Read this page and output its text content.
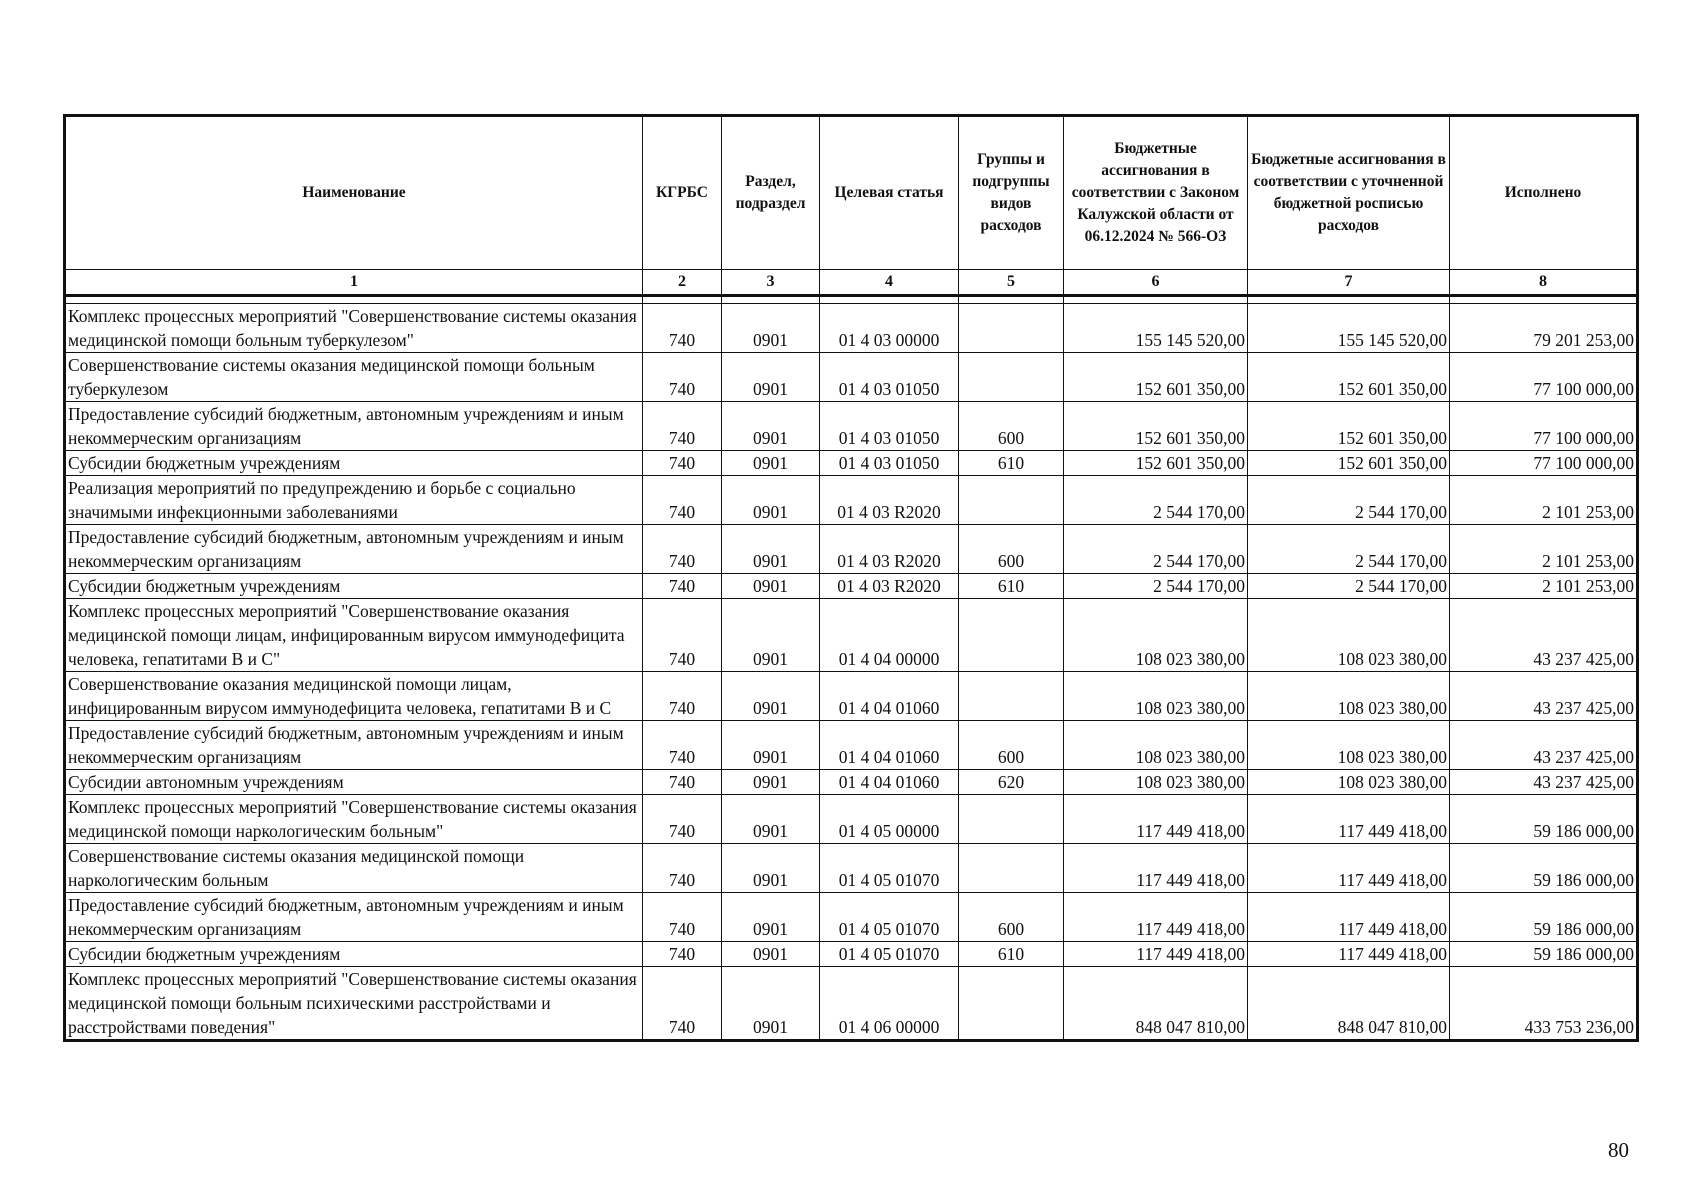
Наименование	КГРБС	Раздел, подраздел	Целевая статья	Группы и подгруппы видов расходов	Бюджетные ассигнования в соответствии с Законом Калужской области от 06.12.2024 № 566-ОЗ	Бюджетные ассигнования в соответствии с уточненной бюджетной росписью расходов	Исполнено
1	2	3	4	5	6	7	8

Комплекс процессных мероприятий "Совершенствование системы оказания медицинской помощи больным туберкулезом"	740	0901	01 4 03 00000		155 145 520,00	155 145 520,00	79 201 253,00
Совершенствование системы оказания медицинской помощи больным туберкулезом	740	0901	01 4 03 01050		152 601 350,00	152 601 350,00	77 100 000,00
Предоставление субсидий бюджетным, автономным учреждениям и иным некоммерческим организациям	740	0901	01 4 03 01050	600	152 601 350,00	152 601 350,00	77 100 000,00
Субсидии бюджетным учреждениям	740	0901	01 4 03 01050	610	152 601 350,00	152 601 350,00	77 100 000,00
Реализация мероприятий по предупреждению и борьбе с социально значимыми инфекционными заболеваниями	740	0901	01 4 03 R2020		2 544 170,00	2 544 170,00	2 101 253,00
Предоставление субсидий бюджетным, автономным учреждениям и иным некоммерческим организациям	740	0901	01 4 03 R2020	600	2 544 170,00	2 544 170,00	2 101 253,00
Субсидии бюджетным учреждениям	740	0901	01 4 03 R2020	610	2 544 170,00	2 544 170,00	2 101 253,00
Комплекс процессных мероприятий "Совершенствование оказания медицинской помощи лицам, инфицированным вирусом иммунодефицита человека, гепатитами В и С"	740	0901	01 4 04 00000		108 023 380,00	108 023 380,00	43 237 425,00
Совершенствование оказания медицинской помощи лицам, инфицированным вирусом иммунодефицита человека, гепатитами В и С	740	0901	01 4 04 01060		108 023 380,00	108 023 380,00	43 237 425,00
Предоставление субсидий бюджетным, автономным учреждениям и иным некоммерческим организациям	740	0901	01 4 04 01060	600	108 023 380,00	108 023 380,00	43 237 425,00
Субсидии автономным учреждениям	740	0901	01 4 04 01060	620	108 023 380,00	108 023 380,00	43 237 425,00
Комплекс процессных мероприятий "Совершенствование системы оказания медицинской помощи наркологическим больным"	740	0901	01 4 05 00000		117 449 418,00	117 449 418,00	59 186 000,00
Совершенствование системы оказания медицинской помощи наркологическим больным	740	0901	01 4 05 01070		117 449 418,00	117 449 418,00	59 186 000,00
Предоставление субсидий бюджетным, автономным учреждениям и иным некоммерческим организациям	740	0901	01 4 05 01070	600	117 449 418,00	117 449 418,00	59 186 000,00
Субсидии бюджетным учреждениям	740	0901	01 4 05 01070	610	117 449 418,00	117 449 418,00	59 186 000,00
Комплекс процессных мероприятий "Совершенствование системы оказания медицинской помощи больным психическими расстройствами и расстройствами поведения"	740	0901	01 4 06 00000		848 047 810,00	848 047 810,00	433 753 236,00
80
